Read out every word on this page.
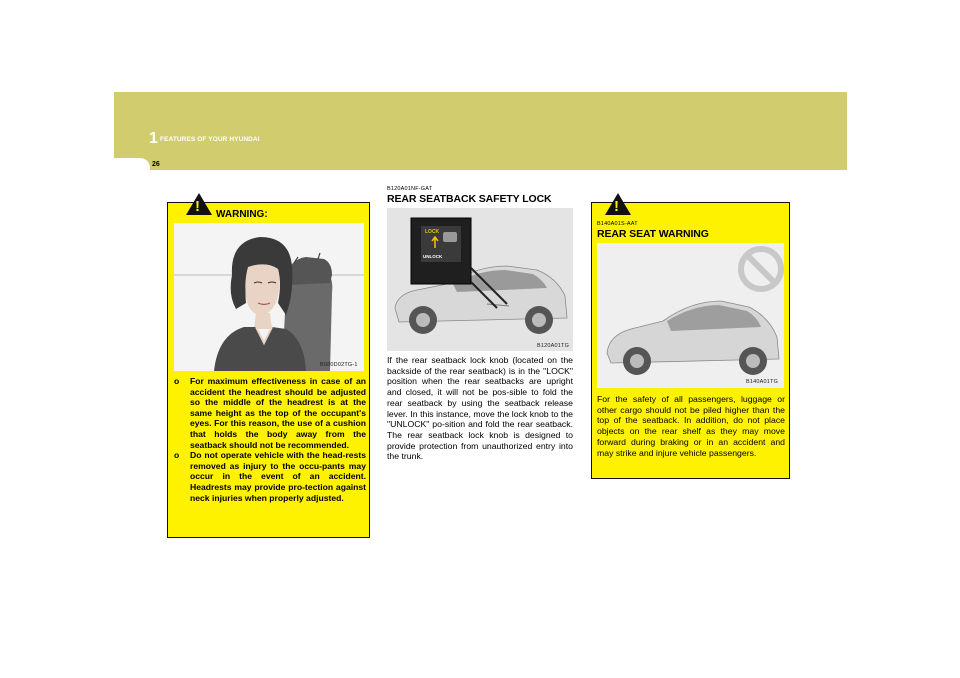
1 FEATURES OF YOUR HYUNDAI
26
! WARNING:
B080D02TG-1
o For maximum effectiveness in case of an accident the headrest should be adjusted so the middle of the headrest is at the same height as the top of the occupant's eyes. For this reason, the use of a cushion that holds the body away from the seatback should not be recommended.
o Do not operate vehicle with the head-rests removed as injury to the occu-pants may occur in the event of an accident. Headrests may provide pro-tection against neck injuries when properly adjusted.
B120A01NF-GAT
REAR SEATBACK SAFETY LOCK
LOCK
UNLOCK
B120A01TG

If the rear seatback lock knob (located on the backside of the rear seatback) is in the "LOCK" position when the rear seatbacks are upright and closed, it will not be pos-sible to fold the rear seatback by using the seatback release lever. In this instance, move the lock knob to the "UNLOCK" po-sition and fold the rear seatback. The rear seatback lock knob is designed to provide protection from unauthorized entry into the trunk.

!
B140A01S-AAT
REAR SEAT WARNING
B140A01TG

For the safety of all passengers, luggage or other cargo should not be piled higher than the top of the seatback. In addition, do not place objects on the rear shelf as they may move forward during braking or in an accident and may strike and injure vehicle passengers.
